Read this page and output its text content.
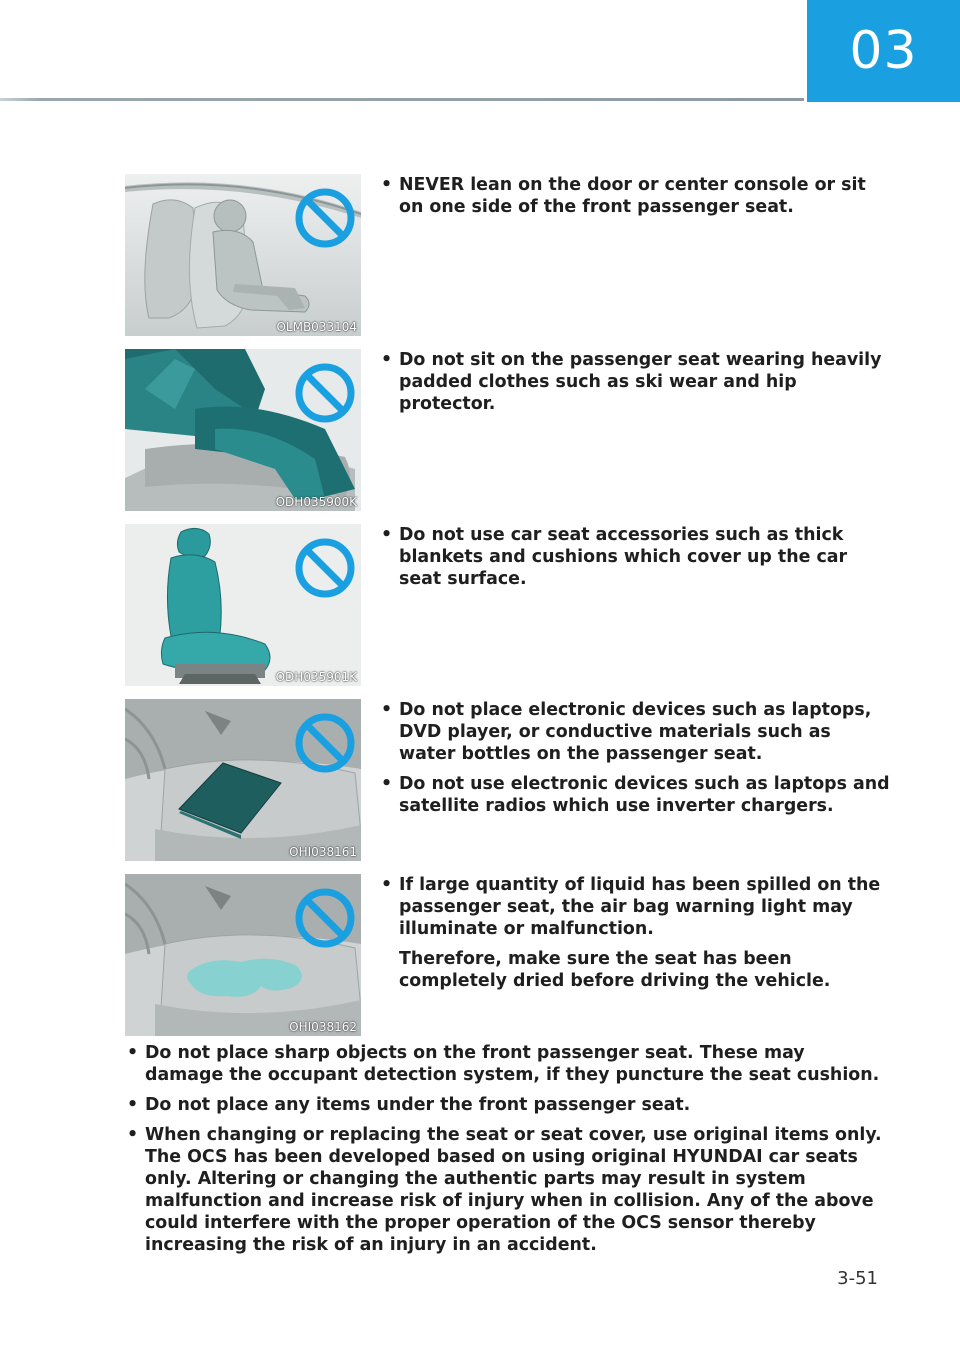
03
OLMB033104

• NEVER lean on the door or center console or sit on one side of the front passenger seat.

ODH035900K

• Do not sit on the passenger seat wearing heavily padded clothes such as ski wear and hip protector.

ODH035901K

• Do not use car seat accessories such as thick blankets and cushions which cover up the car seat surface.

OHI038161

• Do not place electronic devices such as laptops, DVD player, or conductive materials such as water bottles on the passenger seat.

• Do not use electronic devices such as laptops and satellite radios which use inverter chargers.

OHI038162

• If large quantity of liquid has been spilled on the passenger seat, the air bag warning light may illuminate or malfunction.

Therefore, make sure the seat has been completely dried before driving the vehicle.

• Do not place sharp objects on the front passenger seat. These may damage the occupant detection system, if they puncture the seat cushion.

• Do not place any items under the front passenger seat.

• When changing or replacing the seat or seat cover, use original items only. The OCS has been developed based on using original HYUNDAI car seats only. Altering or changing the authentic parts may result in system malfunction and increase risk of injury when in collision. Any of the above could interfere with the proper operation of the OCS sensor thereby increasing the risk of an injury in an accident.

3-51
